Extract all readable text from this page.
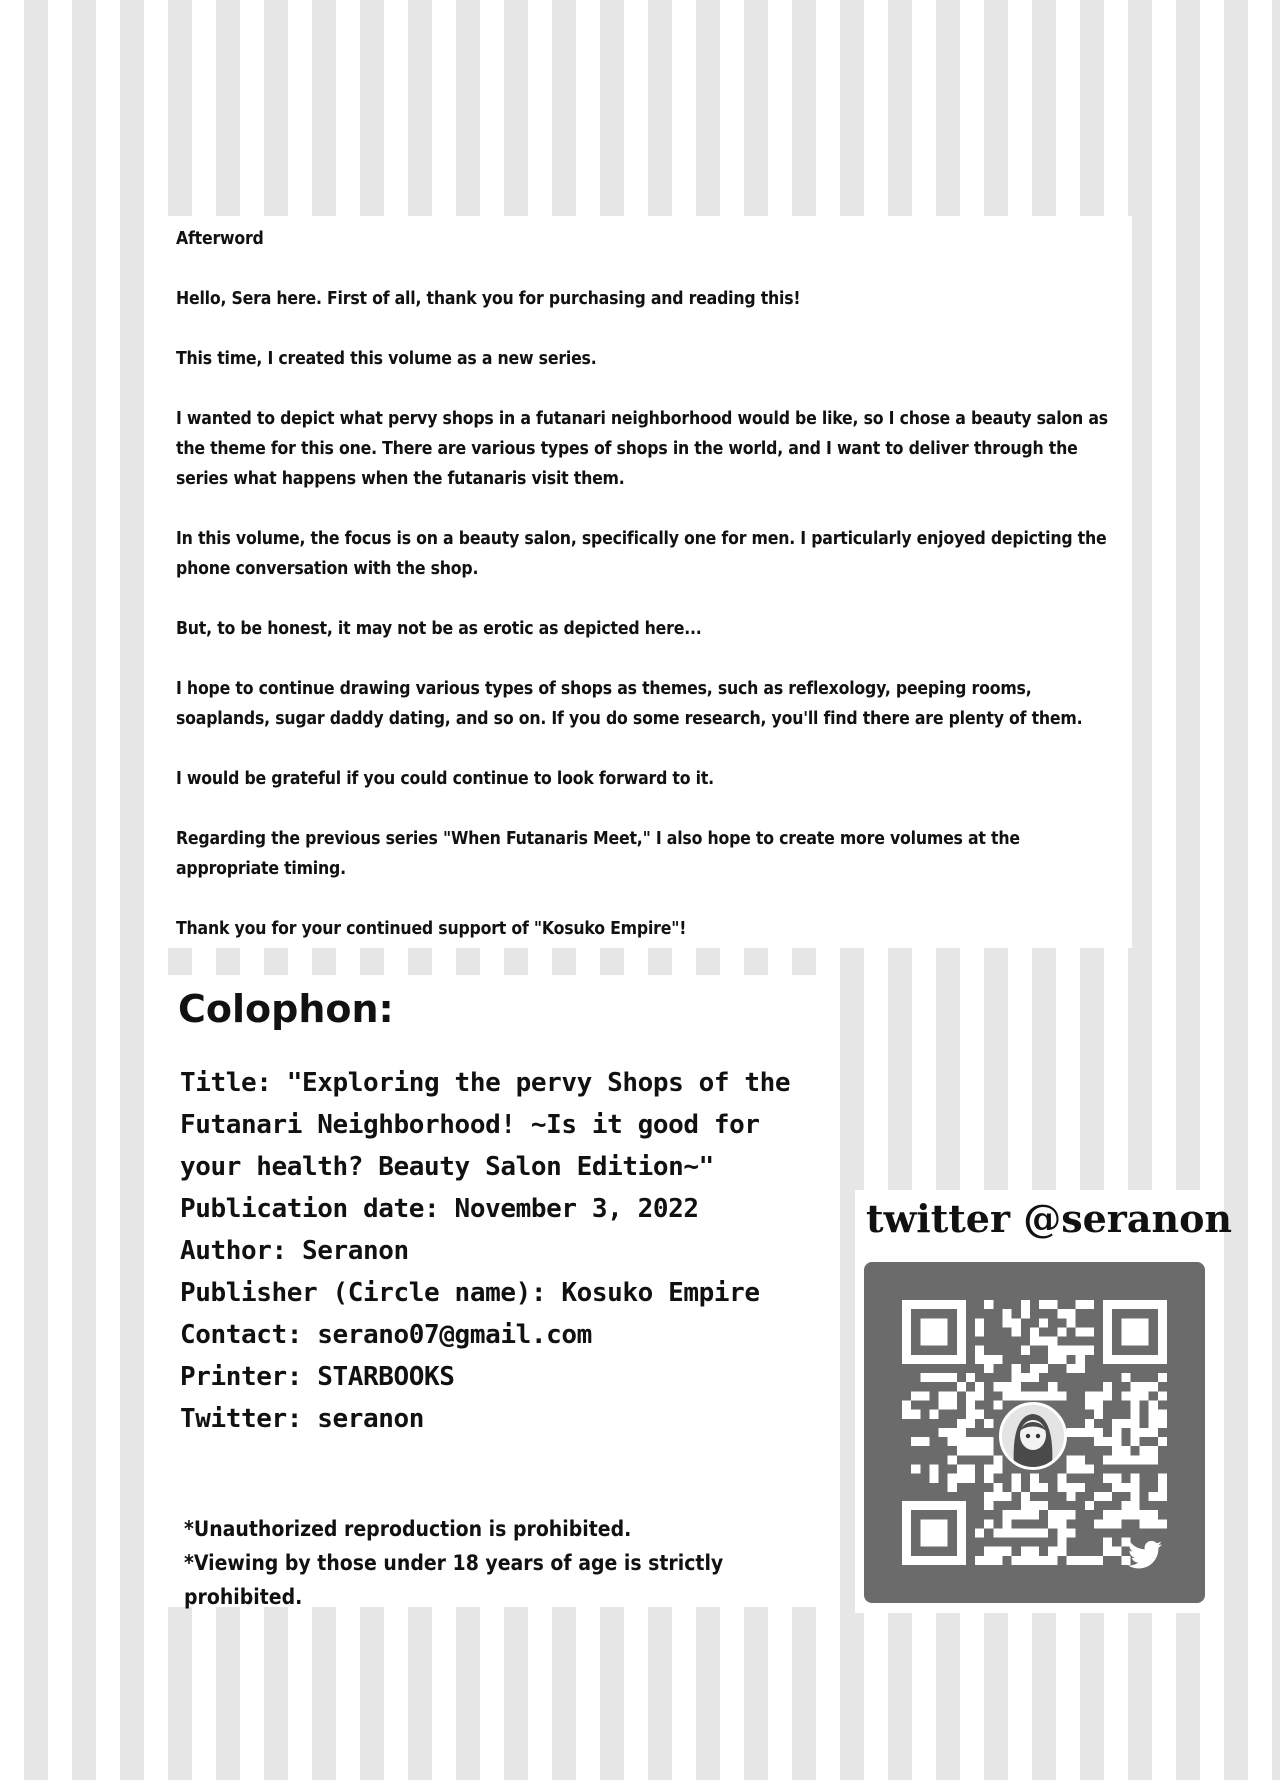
Afterword

Hello, Sera here. First of all, thank you for purchasing and reading this!

This time, I created this volume as a new series.

I wanted to depict what pervy shops in a futanari neighborhood would be like, so I chose a beauty salon as the theme for this one. There are various types of shops in the world, and I want to deliver through the series what happens when the futanaris visit them.

In this volume, the focus is on a beauty salon, specifically one for men. I particularly enjoyed depicting the phone conversation with the shop.

But, to be honest, it may not be as erotic as depicted here...

I hope to continue drawing various types of shops as themes, such as reflexology, peeping rooms, soaplands, sugar daddy dating, and so on. If you do some research, you'll find there are plenty of them.

I would be grateful if you could continue to look forward to it.

Regarding the previous series "When Futanaris Meet," I also hope to create more volumes at the appropriate timing.

Thank you for your continued support of "Kosuko Empire"!

Colophon:
Title: "Exploring the pervy Shops of the Futanari Neighborhood! ~Is it good for your health? Beauty Salon Edition~"
Publication date: November 3, 2022
Author: Seranon
Publisher (Circle name): Kosuko Empire
Contact: serano07@gmail.com
Printer: STARBOOKS
Twitter: seranon
*Unauthorized reproduction is prohibited.
*Viewing by those under 18 years of age is strictly prohibited.
twitter @seranon
